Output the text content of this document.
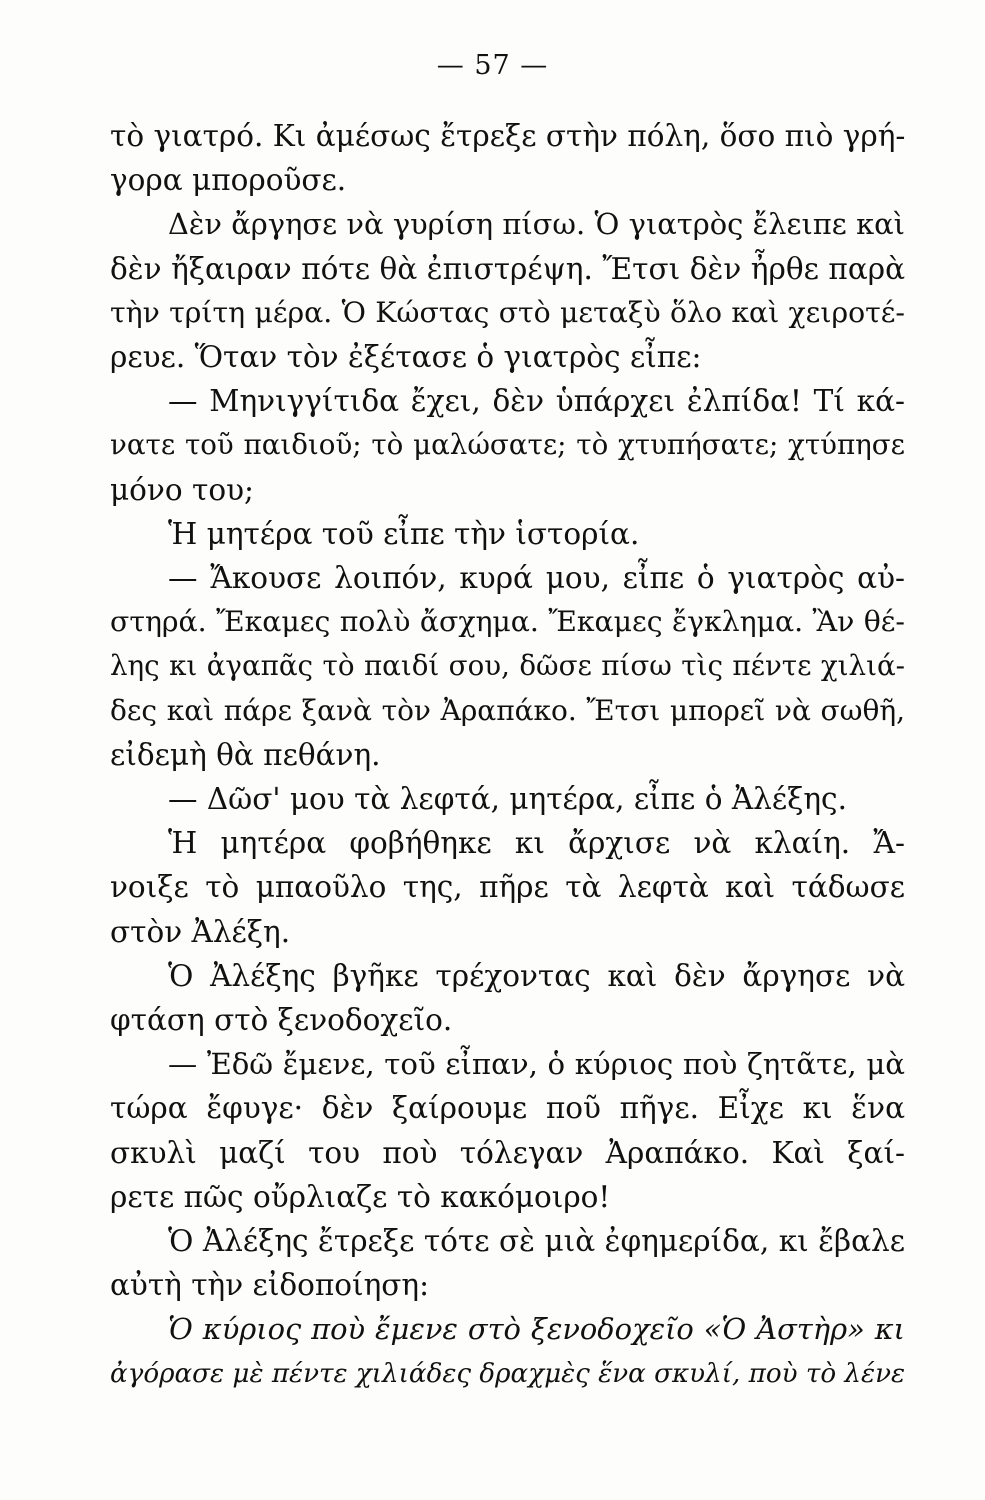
— 57 —
τὸ γιατρό. Κι ἀμέσως ἔτρεξε στὴν πόλη, ὅσο πιὸ γρή-
γορα μποροῦσε.
Δὲν ἄργησε νὰ γυρίση πίσω. Ὁ γιατρὸς ἔλειπε καὶ
δὲν ἤξαιραν πότε θὰ ἐπιστρέψη. Ἔτσι δὲν ἦρθε παρὰ
τὴν τρίτη μέρα. Ὁ Κώστας στὸ μεταξὺ ὅλο καὶ χειροτέ-
ρευε. Ὅταν τὸν ἐξέτασε ὁ γιατρὸς εἶπε:
— Μηνιγγίτιδα ἔχει, δὲν ὑπάρχει ἐλπίδα! Τί κά-
νατε τοῦ παιδιοῦ; τὸ μαλώσατε; τὸ χτυπήσατε; χτύπησε
μόνο του;
Ἡ μητέρα τοῦ εἶπε τὴν ἱστορία.
— Ἄκουσε λοιπόν, κυρά μου, εἶπε ὁ γιατρὸς αὐ-
στηρά. Ἔκαμες πολὺ ἄσχημα. Ἔκαμες ἔγκλημα. Ἂν θέ-
λης κι ἀγαπᾶς τὸ παιδί σου, δῶσε πίσω τὶς πέντε χιλιά-
δες καὶ πάρε ξανὰ τὸν Ἀραπάκο. Ἔτσι μπορεῖ νὰ σωθῆ,
εἰδεμὴ θὰ πεθάνη.
— Δῶσ' μου τὰ λεφτά, μητέρα, εἶπε ὁ Ἀλέξης.
Ἡ μητέρα φοβήθηκε κι ἄρχισε νὰ κλαίη. Ἄ-
νοιξε τὸ μπαοῦλο της, πῆρε τὰ λεφτὰ καὶ τάδωσε
στὸν Ἀλέξη.
Ὁ Ἀλέξης βγῆκε τρέχοντας καὶ δὲν ἄργησε νὰ
φτάση στὸ ξενοδοχεῖο.
— Ἐδῶ ἔμενε, τοῦ εἶπαν, ὁ κύριος ποὺ ζητᾶτε, μὰ
τώρα ἔφυγε· δὲν ξαίρουμε ποῦ πῆγε. Εἶχε κι ἕνα
σκυλὶ μαζί του ποὺ τόλεγαν Ἀραπάκο. Καὶ ξαί-
ρετε πῶς οὔρλιαζε τὸ κακόμοιρο!
Ὁ Ἀλέξης ἔτρεξε τότε σὲ μιὰ ἐφημερίδα, κι ἔβαλε
αὐτὴ τὴν εἰδοποίηση:
Ὁ κύριος ποὺ ἔμενε στὸ ξενοδοχεῖο «Ὁ Ἀστὴρ» κι
ἀγόρασε μὲ πέντε χιλιάδες δραχμὲς ἕνα σκυλί, ποὺ τὸ λένε
